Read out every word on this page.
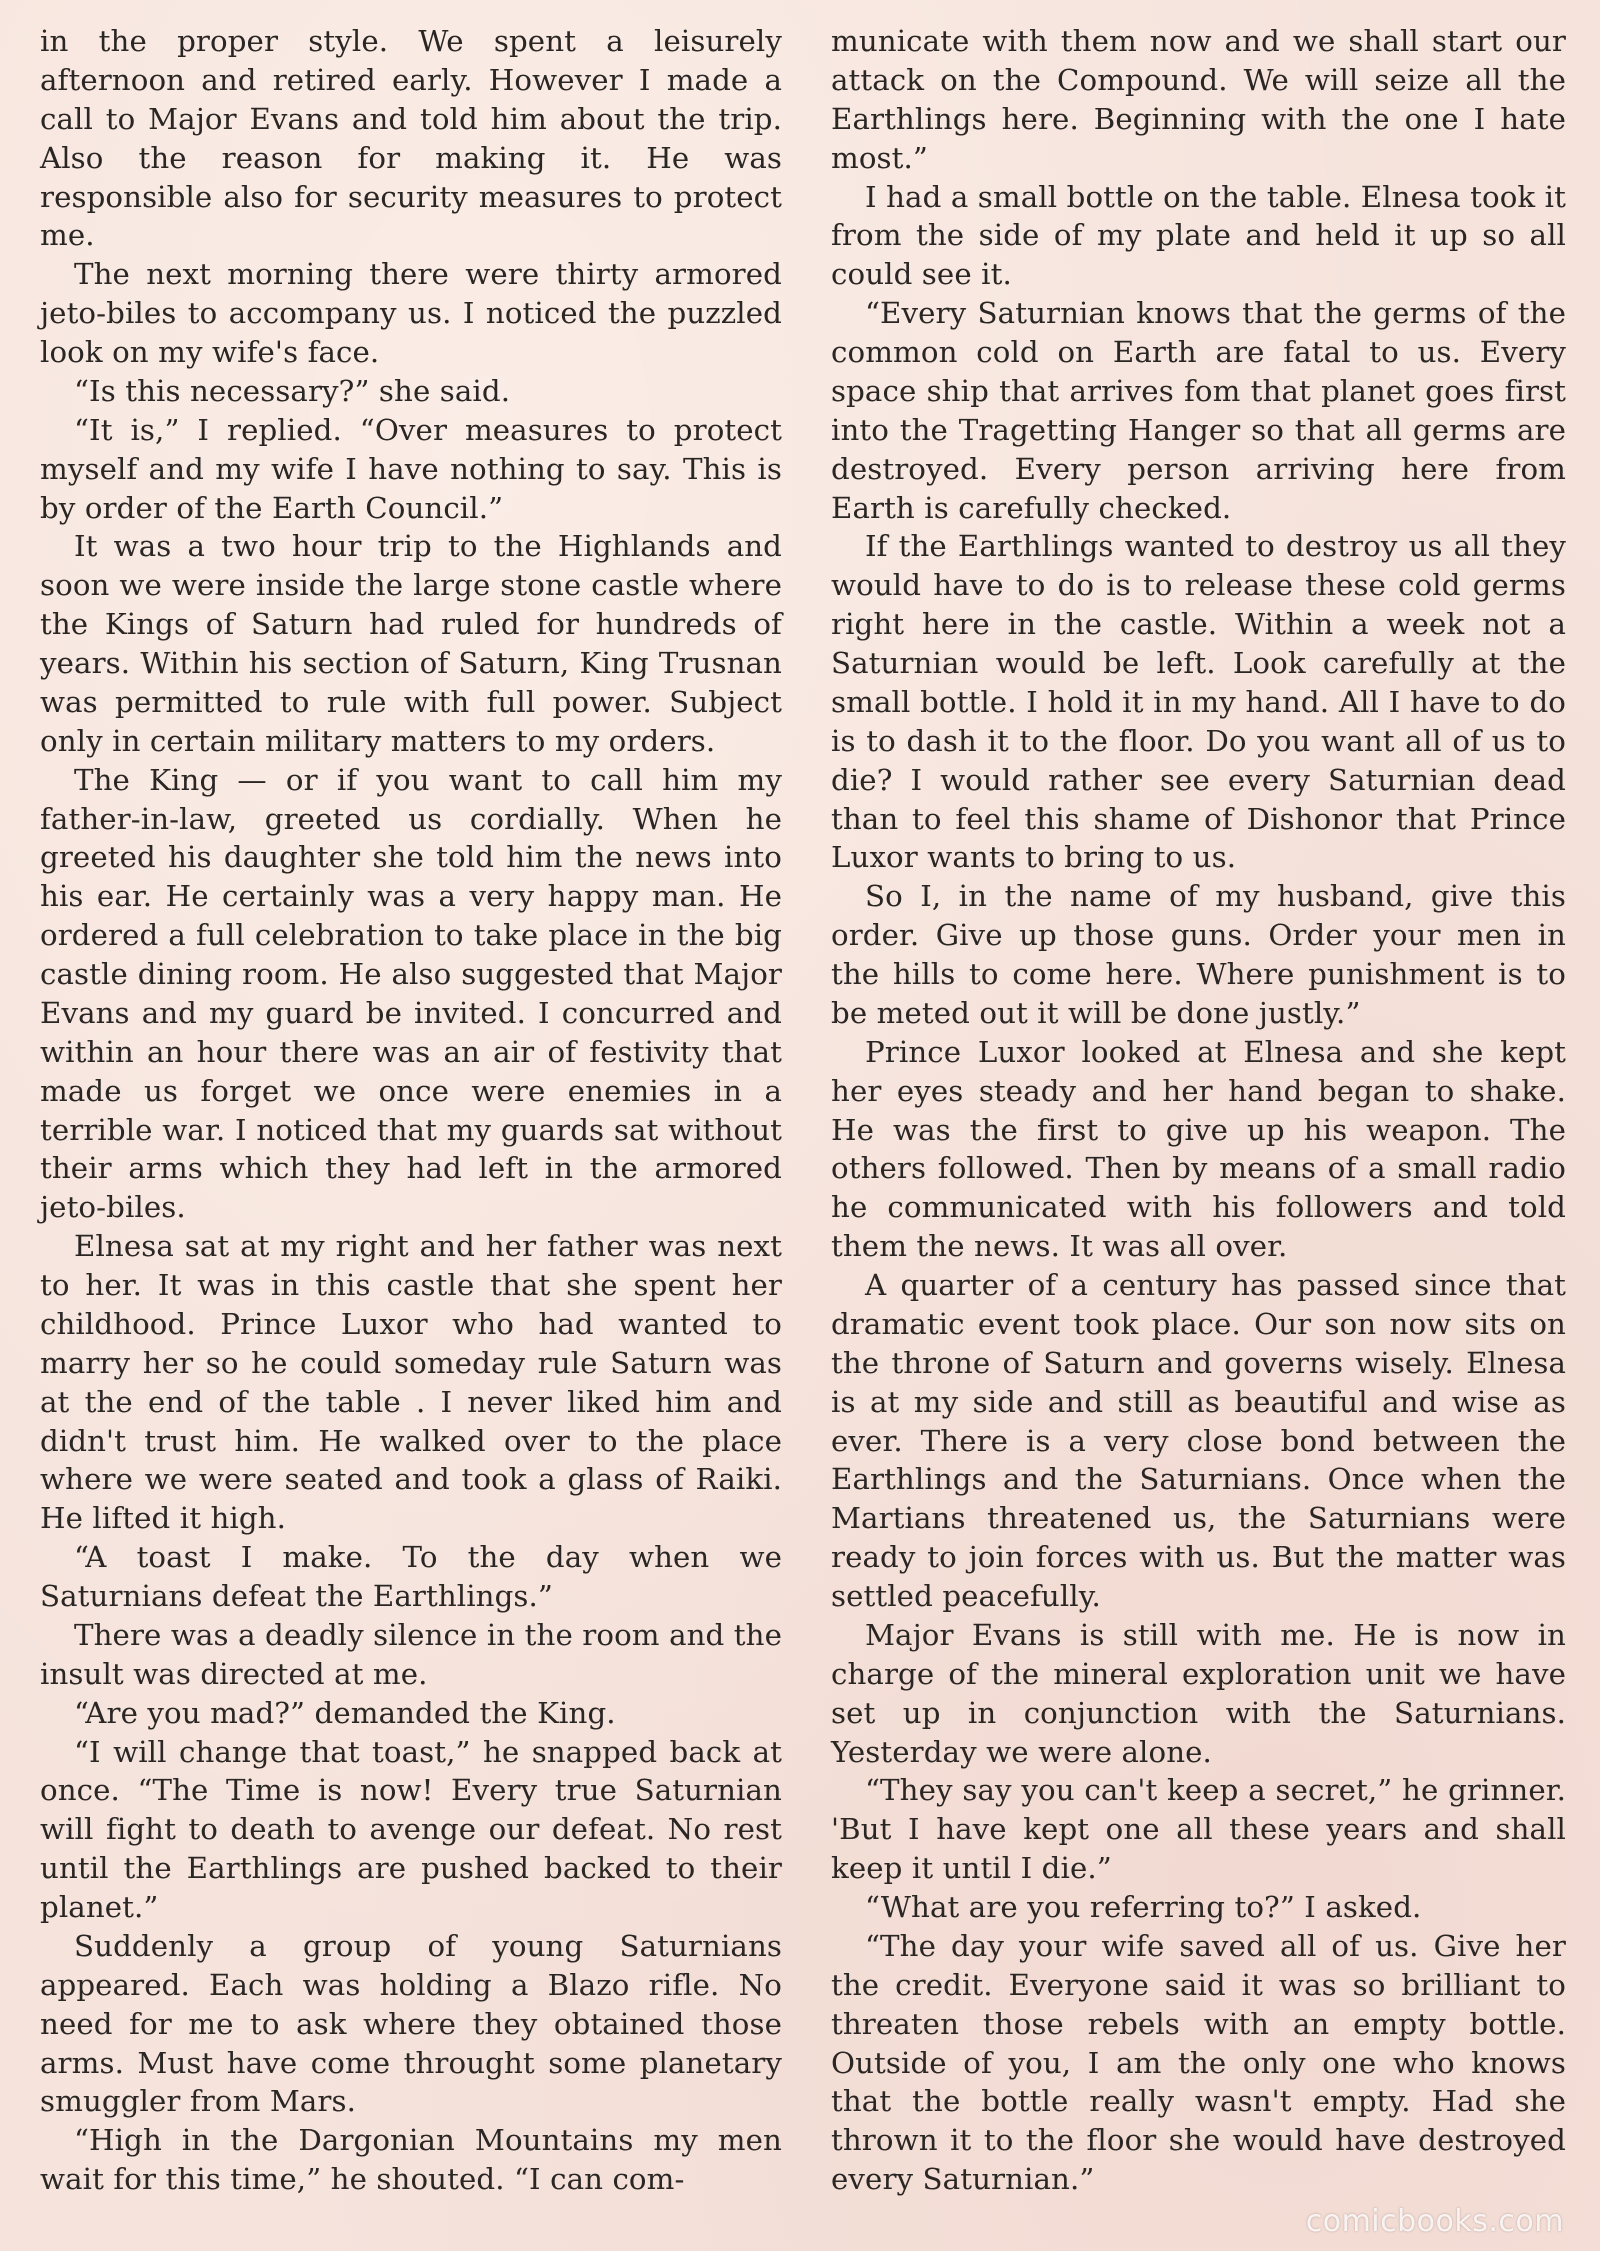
in the proper style. We spent a leisurely afternoon and retired early. However I made a call to Major Evans and told him about the trip. Also the reason for making it. He was responsible also for security measures to protect me.

The next morning there were thirty armored jeto-biles to accompany us. I noticed the puzzled look on my wife's face.

“Is this necessary?” she said.

“It is,” I replied. “Over measures to protect myself and my wife I have nothing to say. This is by order of the Earth Council.”

It was a two hour trip to the Highlands and soon we were inside the large stone castle where the Kings of Saturn had ruled for hundreds of years. Within his section of Saturn, King Trusnan was permitted to rule with full power. Subject only in certain military matters to my orders.

The King — or if you want to call him my father-in-law, greeted us cordially. When he greeted his daughter she told him the news into his ear. He certainly was a very happy man. He ordered a full celebration to take place in the big castle dining room. He also suggested that Major Evans and my guard be invited. I concurred and within an hour there was an air of festivity that made us forget we once were enemies in a terrible war. I noticed that my guards sat without their arms which they had left in the armored jeto-biles.

Elnesa sat at my right and her father was next to her. It was in this castle that she spent her childhood. Prince Luxor who had wanted to marry her so he could someday rule Saturn was at the end of the table . I never liked him and didn't trust him. He walked over to the place where we were seated and took a glass of Raiki. He lifted it high.

“A toast I make. To the day when we Saturnians defeat the Earthlings.”

There was a deadly silence in the room and the insult was directed at me.

“Are you mad?” demanded the King.

“I will change that toast,” he snapped back at once. “The Time is now! Every true Saturnian will fight to death to avenge our defeat. No rest until the Earthlings are pushed backed to their planet.”

Suddenly a group of young Saturnians appeared. Each was holding a Blazo rifle. No need for me to ask where they obtained those arms. Must have come throught some planetary smuggler from Mars.

“High in the Dargonian Mountains my men wait for this time,” he shouted. “I can com-

municate with them now and we shall start our attack on the Compound. We will seize all the Earthlings here. Beginning with the one I hate most.”

I had a small bottle on the table. Elnesa took it from the side of my plate and held it up so all could see it.

“Every Saturnian knows that the germs of the common cold on Earth are fatal to us. Every space ship that arrives fom that planet goes first into the Tragetting Hanger so that all germs are destroyed. Every person arriving here from Earth is carefully checked.

If the Earthlings wanted to destroy us all they would have to do is to release these cold germs right here in the castle. Within a week not a Saturnian would be left. Look carefully at the small bottle. I hold it in my hand. All I have to do is to dash it to the floor. Do you want all of us to die? I would rather see every Saturnian dead than to feel this shame of Dishonor that Prince Luxor wants to bring to us.

So I, in the name of my husband, give this order. Give up those guns. Order your men in the hills to come here. Where punishment is to be meted out it will be done justly.”

Prince Luxor looked at Elnesa and she kept her eyes steady and her hand began to shake. He was the first to give up his weapon. The others followed. Then by means of a small radio he communicated with his followers and told them the news. It was all over.

A quarter of a century has passed since that dramatic event took place. Our son now sits on the throne of Saturn and governs wisely. Elnesa is at my side and still as beautiful and wise as ever. There is a very close bond between the Earthlings and the Saturnians. Once when the Martians threatened us, the Saturnians were ready to join forces with us. But the matter was settled peacefully.

Major Evans is still with me. He is now in charge of the mineral exploration unit we have set up in conjunction with the Saturnians. Yesterday we were alone.

“They say you can't keep a secret,” he grinner. 'But I have kept one all these years and shall keep it until I die.”

“What are you referring to?” I asked.

“The day your wife saved all of us. Give her the credit. Everyone said it was so brilliant to threaten those rebels with an empty bottle. Outside of you, I am the only one who knows that the bottle really wasn't empty. Had she thrown it to the floor she would have destroyed every Saturnian.”

comicbooks.com
